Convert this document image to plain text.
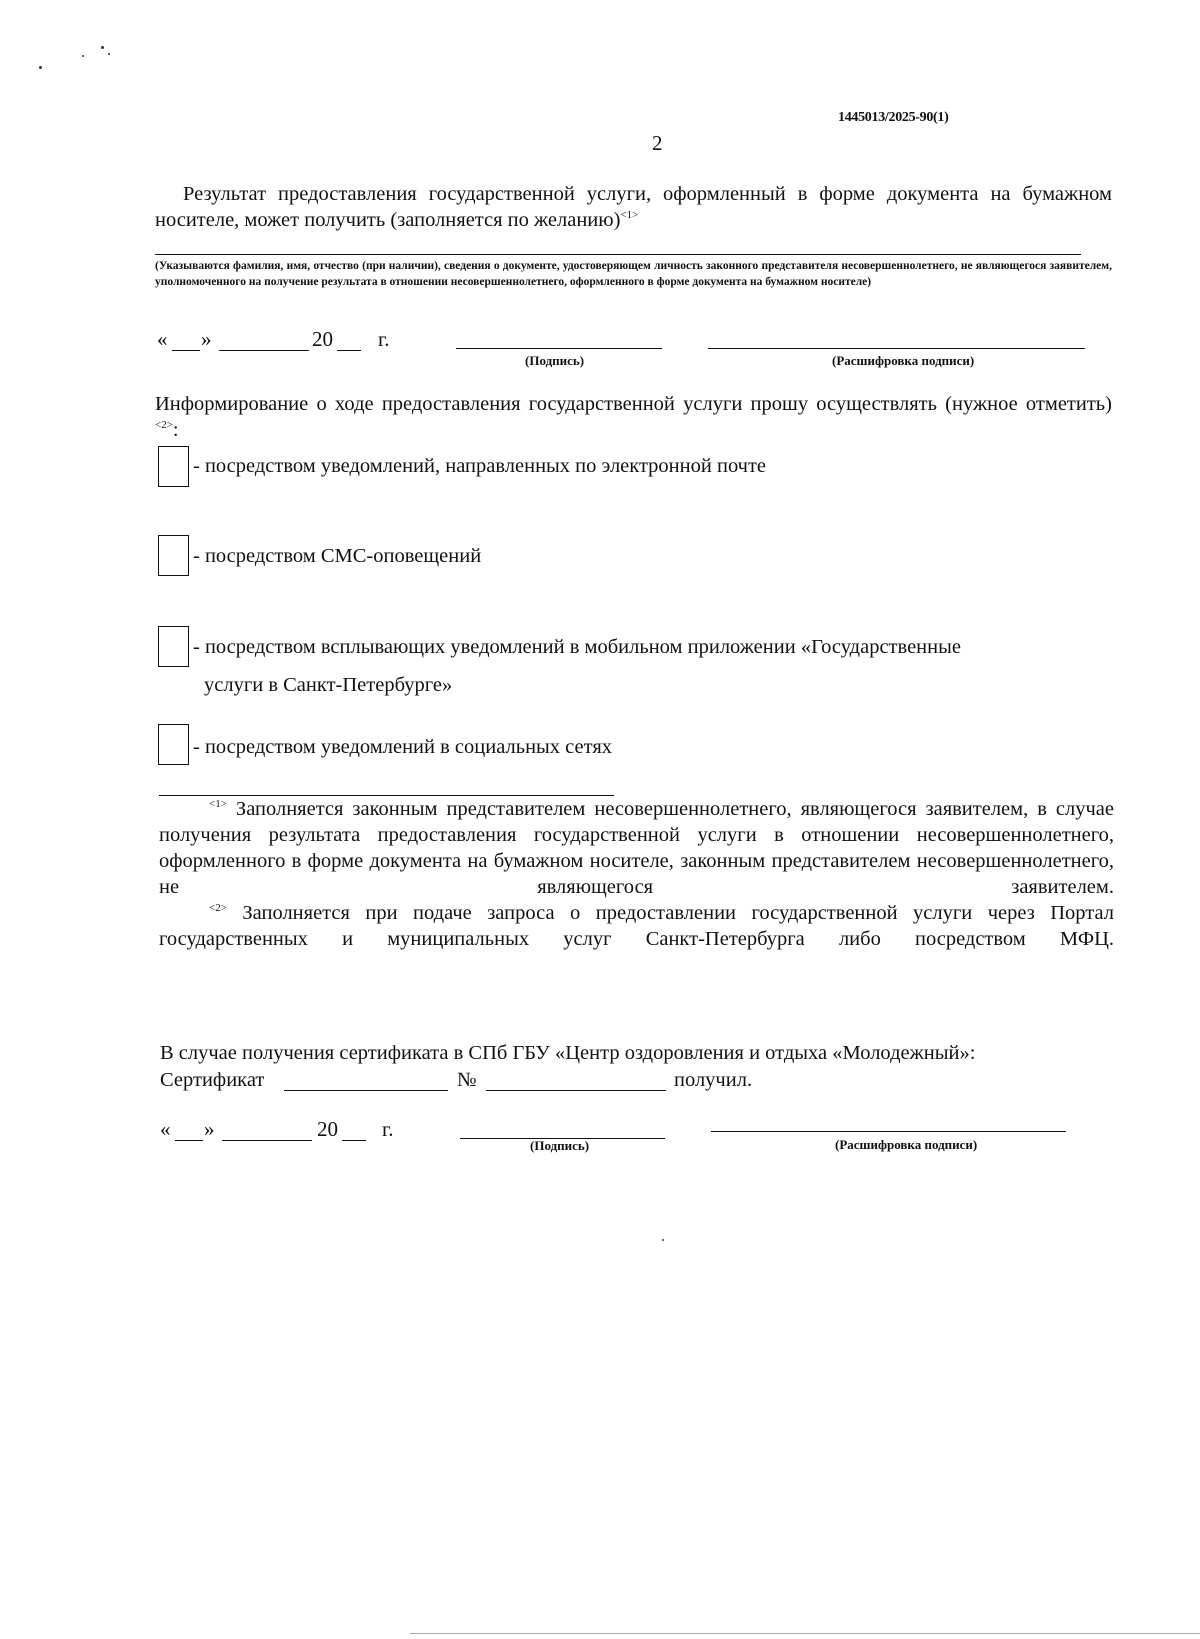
1445013/2025-90(1)
2
Результат предоставления государственной услуги, оформленный в форме документа на бумажном носителе, может получить (заполняется по желанию)$^{<1>}$
(Указываются фамилия, имя, отчество (при наличии), сведения о документе, удостоверяющем личность законного представителя несовершеннолетнего, не являющегося заявителем, уполномоченного на получение результата в отношении несовершеннолетнего, оформленного в форме документа на бумажном носителе)
« »	20 г.
(Подпись)	(Расшифровка подписи)
Информирование о ходе предоставления государственной услуги прошу осуществлять (нужное отметить) $^{<2>}$:
- посредством уведомлений, направленных по электронной почте
- посредством СМС-оповещений
- посредством всплывающих уведомлений в мобильном приложении «Государственные
услуги в Санкт-Петербурге»
- посредством уведомлений в социальных сетях
$^{<1>}$ Заполняется законным представителем несовершеннолетнего, являющегося заявителем, в случае получения результата предоставления государственной услуги в отношении несовершеннолетнего, оформленного в форме документа на бумажном носителе, законным представителем несовершеннолетнего, не являющегося заявителем.
$^{<2>}$ Заполняется при подаче запроса о предоставлении государственной услуги через Портал государственных и муниципальных услуг Санкт-Петербурга либо посредством МФЦ.
В случае получения сертификата в СПб ГБУ «Центр оздоровления и отдыха «Молодежный»:
Сертификат	№	получил.
« »	20 г.
(Подпись)	(Расшифровка подписи)
